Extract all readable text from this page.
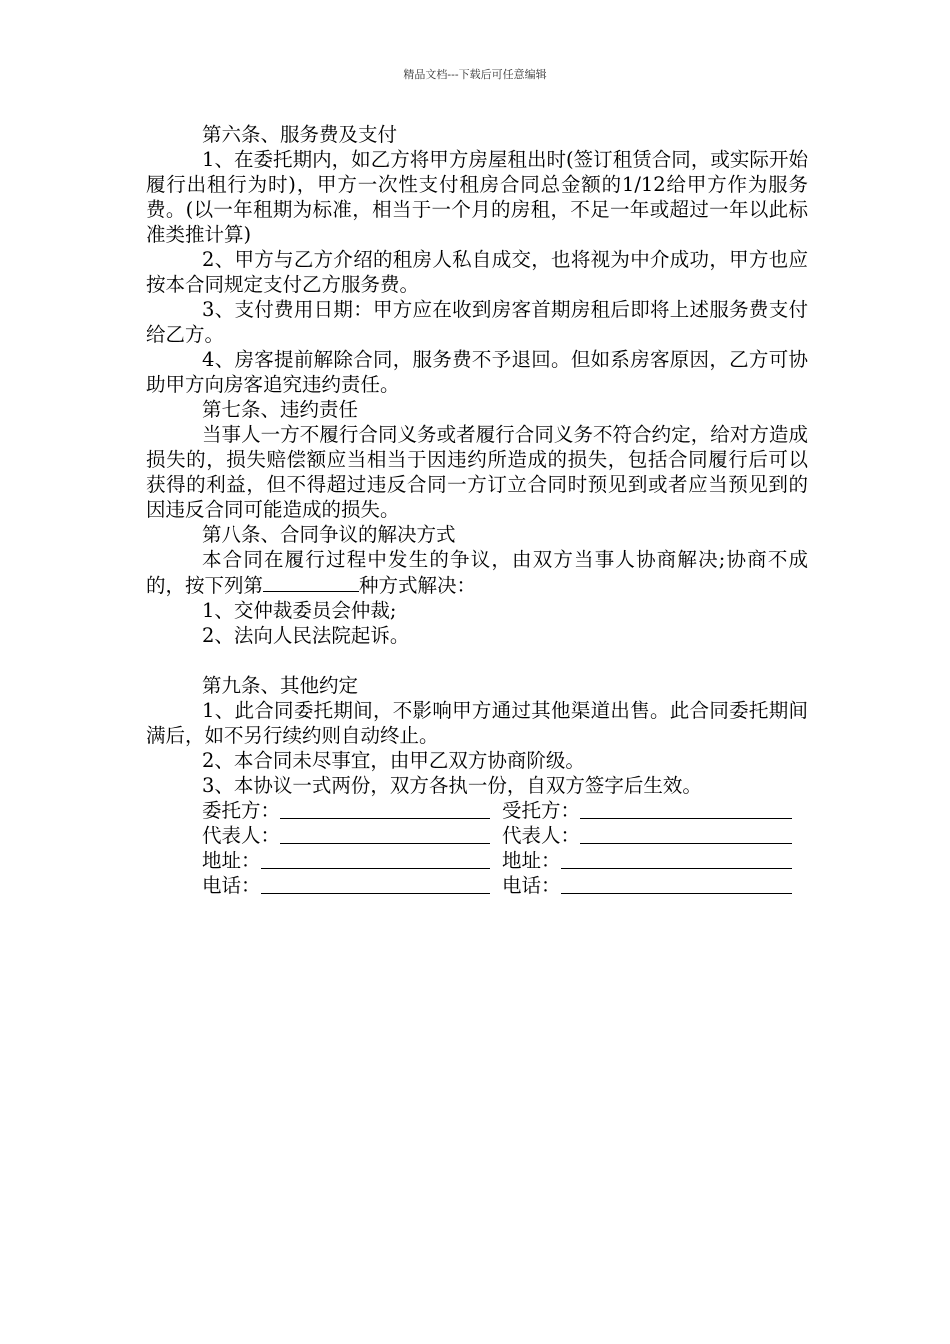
精品文档---下载后可任意编辑

第六条、服务费及支付

1、在委托期内，如乙方将甲方房屋租出时(签订租赁合同，或实际开始履行出租行为时)，甲方一次性支付租房合同总金额的1/12给甲方作为服务费。(以一年租期为标准，相当于一个月的房租，不足一年或超过一年以此标准类推计算)

2、甲方与乙方介绍的租房人私自成交，也将视为中介成功，甲方也应按本合同规定支付乙方服务费。

3、支付费用日期：甲方应在收到房客首期房租后即将上述服务费支付给乙方。

4、房客提前解除合同，服务费不予退回。但如系房客原因，乙方可协助甲方向房客追究违约责任。

第七条、违约责任

当事人一方不履行合同义务或者履行合同义务不符合约定，给对方造成损失的，损失赔偿额应当相当于因违约所造成的损失，包括合同履行后可以获得的利益，但不得超过违反合同一方订立合同时预见到或者应当预见到的因违反合同可能造成的损失。

第八条、合同争议的解决方式

本合同在履行过程中发生的争议，由双方当事人协商解决;协商不成的，按下列第	种方式解决：

1、交仲裁委员会仲裁;

2、法向人民法院起诉。

第九条、其他约定

1、此合同委托期间，不影响甲方通过其他渠道出售。此合同委托期间满后，如不另行续约则自动终止。

2、本合同未尽事宜，由甲乙双方协商阶级。

3、本协议一式两份，双方各执一份，自双方签字后生效。

委托方：	受托方：
代表人：	代表人：
地址：	地址：
电话：	电话：
